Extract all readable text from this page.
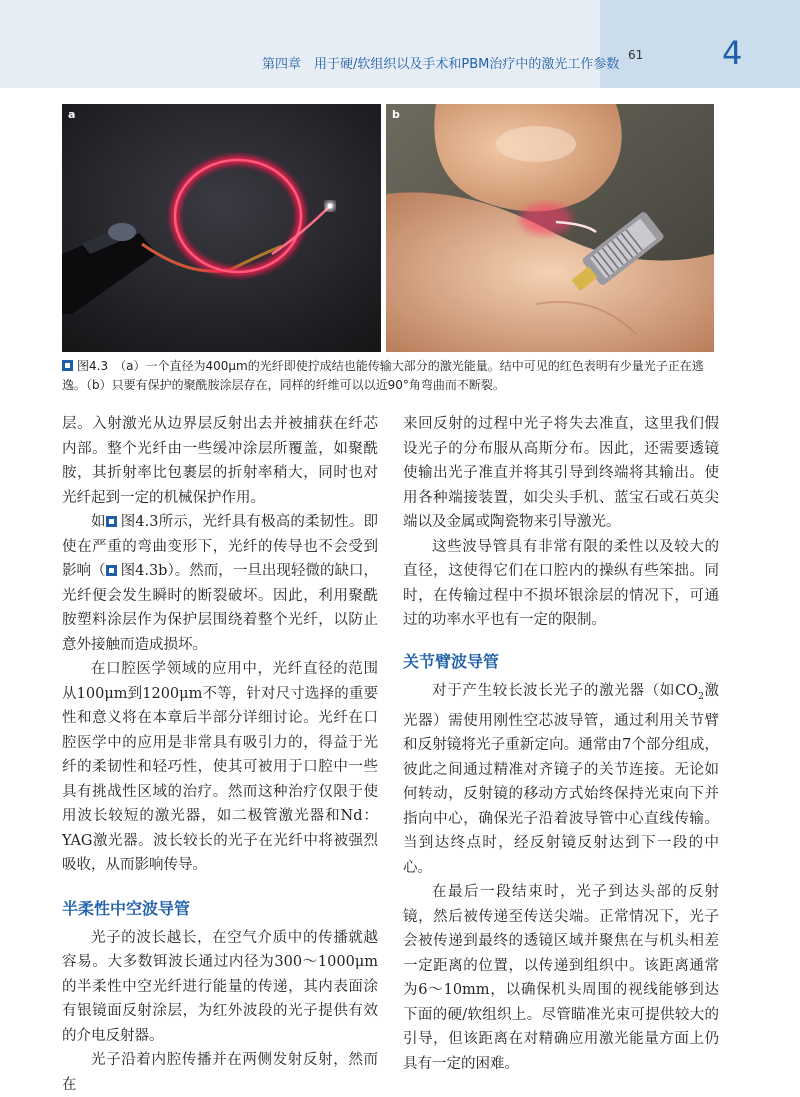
第四章　用于硬/软组织以及手术和PBM治疗中的激光工作参数
61 4
a	b
图4.3　 （a）一个直径为400μm的光纤即使拧成结也能传输大部分的激光能量。结中可见的红色表明有少量光子正在逃逸。（b）只要有保护的聚酰胺涂层存在，同样的纤维可以以近90°角弯曲而不断裂。

层。入射激光从边界层反射出去并被捕获在纤芯内部。整个光纤由一些缓冲涂层所覆盖，如聚酰胺，其折射率比包裹层的折射率稍大，同时也对光纤起到一定的机械保护作用。

如 图4.3所示，光纤具有极高的柔韧性。即使在严重的弯曲变形下，光纤的传导也不会受到影响（ 图4.3b）。然而，一旦出现轻微的缺口，光纤便会发生瞬时的断裂破坏。因此，利用聚酰胺塑料涂层作为保护层围绕着整个光纤，以防止意外接触而造成损坏。

在口腔医学领域的应用中，光纤直径的范围从100μm到1200μm不等，针对尺寸选择的重要性和意义将在本章后半部分详细讨论。光纤在口腔医学中的应用是非常具有吸引力的，得益于光纤的柔韧性和轻巧性，使其可被用于口腔中一些具有挑战性区域的治疗。然而这种治疗仅限于使用波长较短的激光器，如二极管激光器和Nd：YAG激光器。波长较长的光子在光纤中将被强烈吸收，从而影响传导。

半柔性中空波导管

光子的波长越长，在空气介质中的传播就越容易。大多数铒波长通过内径为300～1000μm的半柔性中空光纤进行能量的传递，其内表面涂有银镜面反射涂层，为红外波段的光子提供有效的介电反射器。

光子沿着内腔传播并在两侧发射反射，然而在

来回反射的过程中光子将失去准直，这里我们假设光子的分布服从高斯分布。因此，还需要透镜使输出光子准直并将其引导到终端将其输出。使用各种端接装置，如尖头手机、蓝宝石或石英尖端以及金属或陶瓷物来引导激光。

这些波导管具有非常有限的柔性以及较大的直径，这使得它们在口腔内的操纵有些笨拙。同时，在传输过程中不损坏银涂层的情况下，可通过的功率水平也有一定的限制。

关节臂波导管

对于产生较长波长光子的激光器（如$CO_2$激光器）需使用刚性空芯波导管，通过利用关节臂和反射镜将光子重新定向。通常由7个部分组成，彼此之间通过精准对齐镜子的关节连接。无论如何转动，反射镜的移动方式始终保持光束向下并指向中心，确保光子沿着波导管中心直线传输。当到达终点时，经反射镜反射达到下一段的中心。

在最后一段结束时，光子到达头部的反射镜，然后被传递至传送尖端。正常情况下，光子会被传递到最终的透镜区域并聚焦在与机头相差一定距离的位置，以传递到组织中。该距离通常为6～10mm，以确保机头周围的视线能够到达下面的硬/软组织上。尽管瞄准光束可提供较大的引导，但该距离在对精确应用激光能量方面上仍具有一定的困难。
